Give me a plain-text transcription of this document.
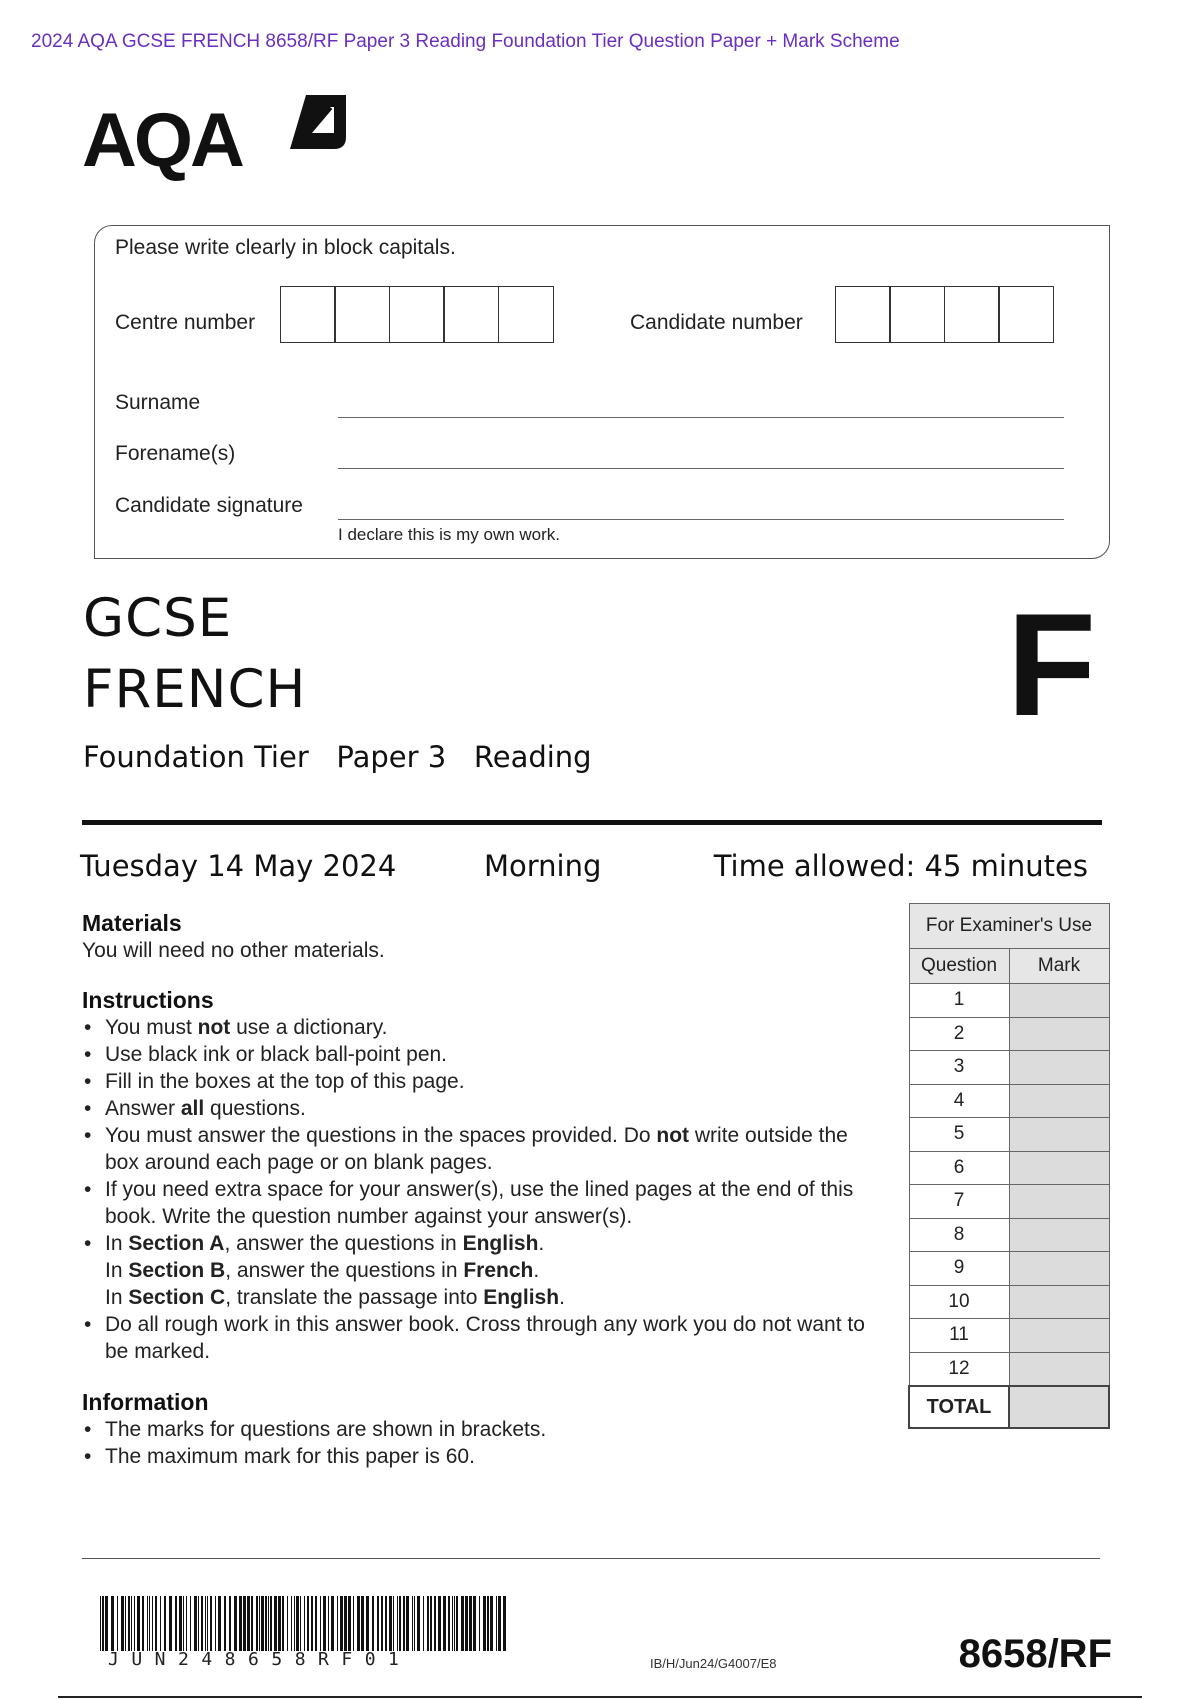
2024 AQA GCSE FRENCH 8658/RF Paper 3 Reading Foundation Tier Question Paper + Mark Scheme
AQA
Please write clearly in block capitals.
Centre number	Candidate number
Surname
Forename(s)
Candidate signature
I declare this is my own work.
GCSE
FRENCH	F
Foundation Tier Paper 3 Reading
Tuesday 14 May 2024	Morning	Time allowed: 45 minutes
Materials
You will need no other materials.
Instructions
• You must not use a dictionary.
• Use black ink or black ball-point pen.
• Fill in the boxes at the top of this page.
• Answer all questions.
• You must answer the questions in the spaces provided. Do not write outside the box around each page or on blank pages.
• If you need extra space for your answer(s), use the lined pages at the end of this book. Write the question number against your answer(s).
• In Section A, answer the questions in English.
In Section B, answer the questions in French.
In Section C, translate the passage into English.
• Do all rough work in this answer book. Cross through any work you do not want to be marked.
Information
• The marks for questions are shown in brackets.
• The maximum mark for this paper is 60.
For Examiner's Use	
Question	Mark
1	
2	
3	
4	
5	
6	
7	
8	
9	
10	
11	
12	
TOTAL	
JUN248658RF01	IB/H/Jun24/G4007/E8	8658/RF
